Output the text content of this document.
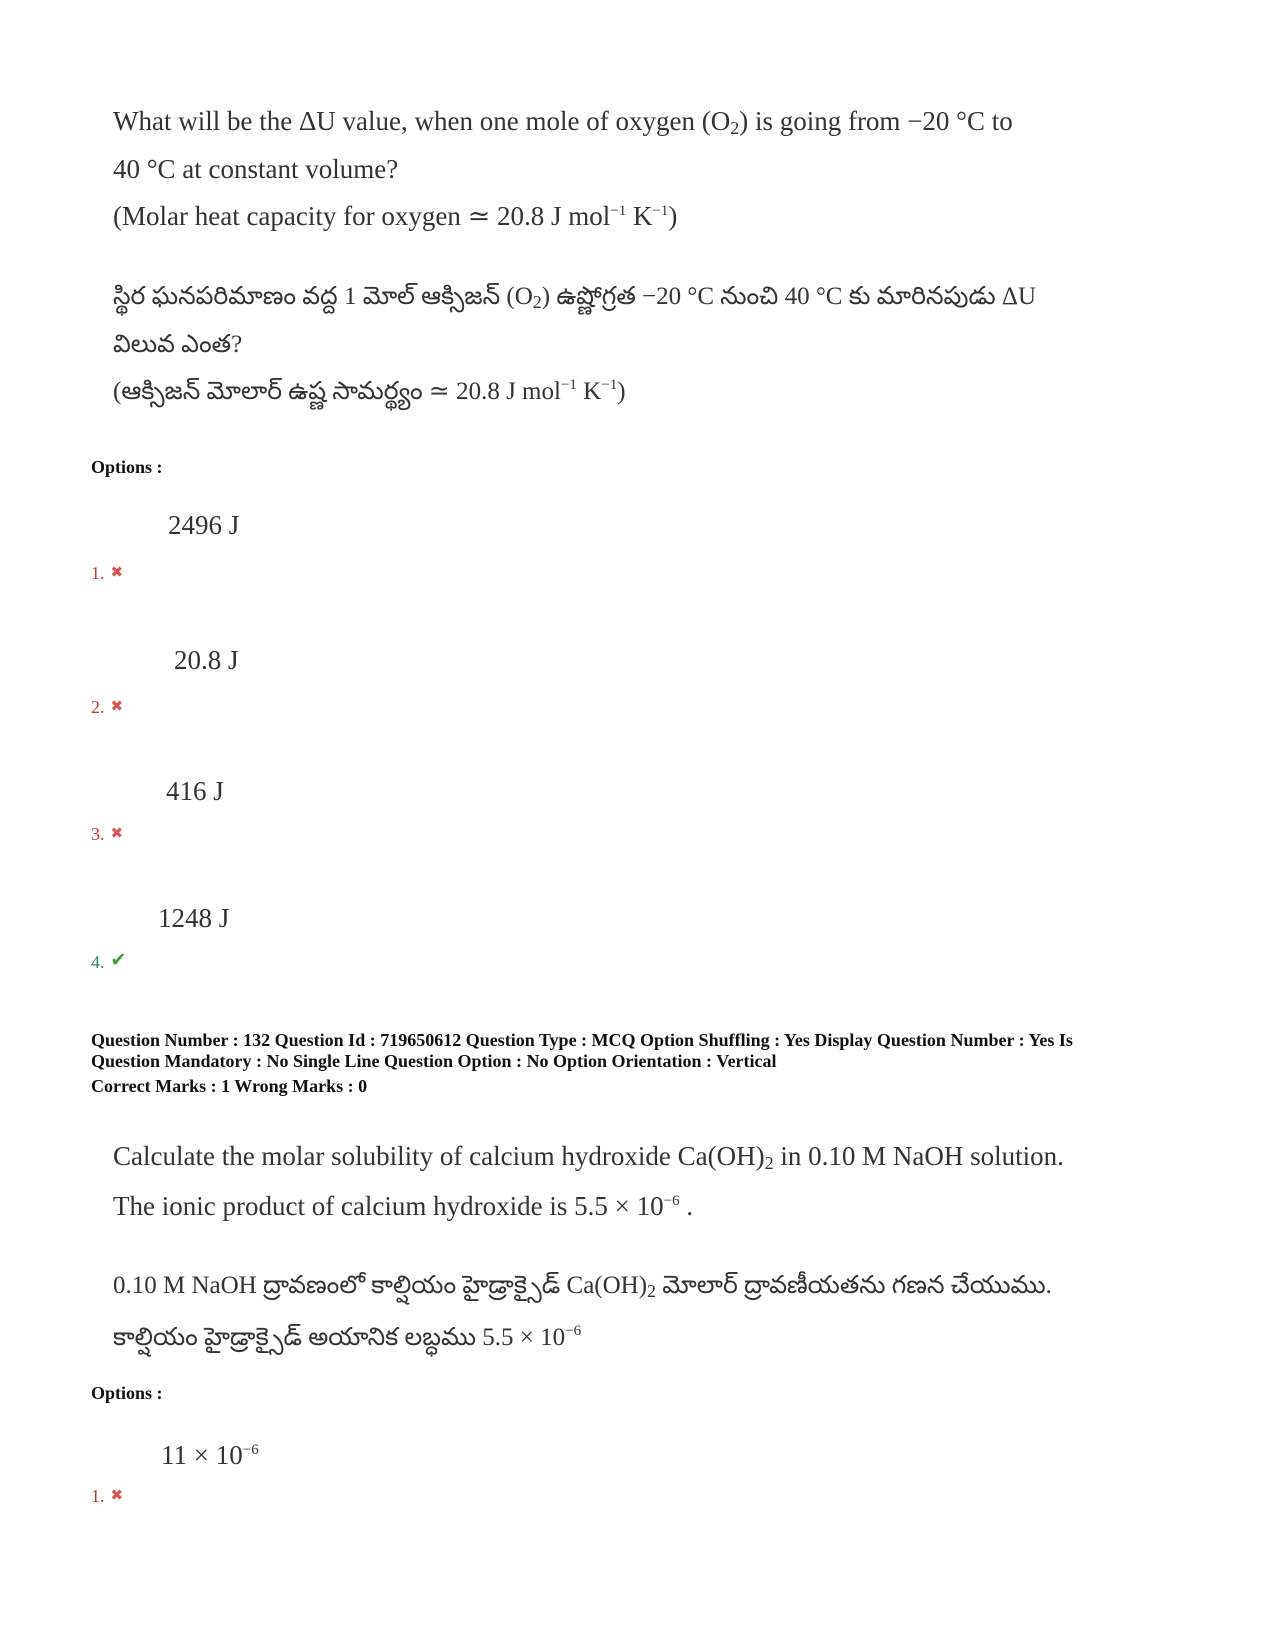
What will be the ΔU value, when one mole of oxygen $(O_2)$ is going from −20 °C to
40 °C at constant volume?
(Molar heat capacity for oxygen ≃ 20.8 J mol$^{-1}$ $K^{-1}$)
స్థిర ఘనపరిమాణం వద్ద 1 మోల్ ఆక్సిజన్ $(O_2)$ ఉష్ణోగ్రత −20 °C నుంచి 40 °C కు మారినపుడు ΔU
విలువ ఎంత?
(ఆక్సిజన్ మోలార్ ఉష్ణ సామర్థ్యం ≃ 20.8 J mol$^{-1}$ $K^{-1}$)
Options :
2496 J
1. ✖
20.8 J
2. ✖
416 J
3. ✖
1248 J
4. ✔
Question Number : 132 Question Id : 719650612 Question Type : MCQ Option Shuffling : Yes Display Question Number : Yes Is
Question Mandatory : No Single Line Question Option : No Option Orientation : Vertical
Correct Marks : 1 Wrong Marks : 0
Calculate the molar solubility of calcium hydroxide $Ca(OH)_2$ in 0.10 M NaOH solution.
The ionic product of calcium hydroxide is $5.5 \times 10^{-6}$ .
0.10 M NaOH ద్రావణంలో కాల్షియం హైడ్రాక్సైడ్ $Ca(OH)_2$ మోలార్ ద్రావణీయతను గణన చేయుము.
కాల్షియం హైడ్రాక్సైడ్ అయానిక లబ్ధము $5.5 \times 10^{-6}$
Options :
$11 \times 10^{-6}$
1. ✖
